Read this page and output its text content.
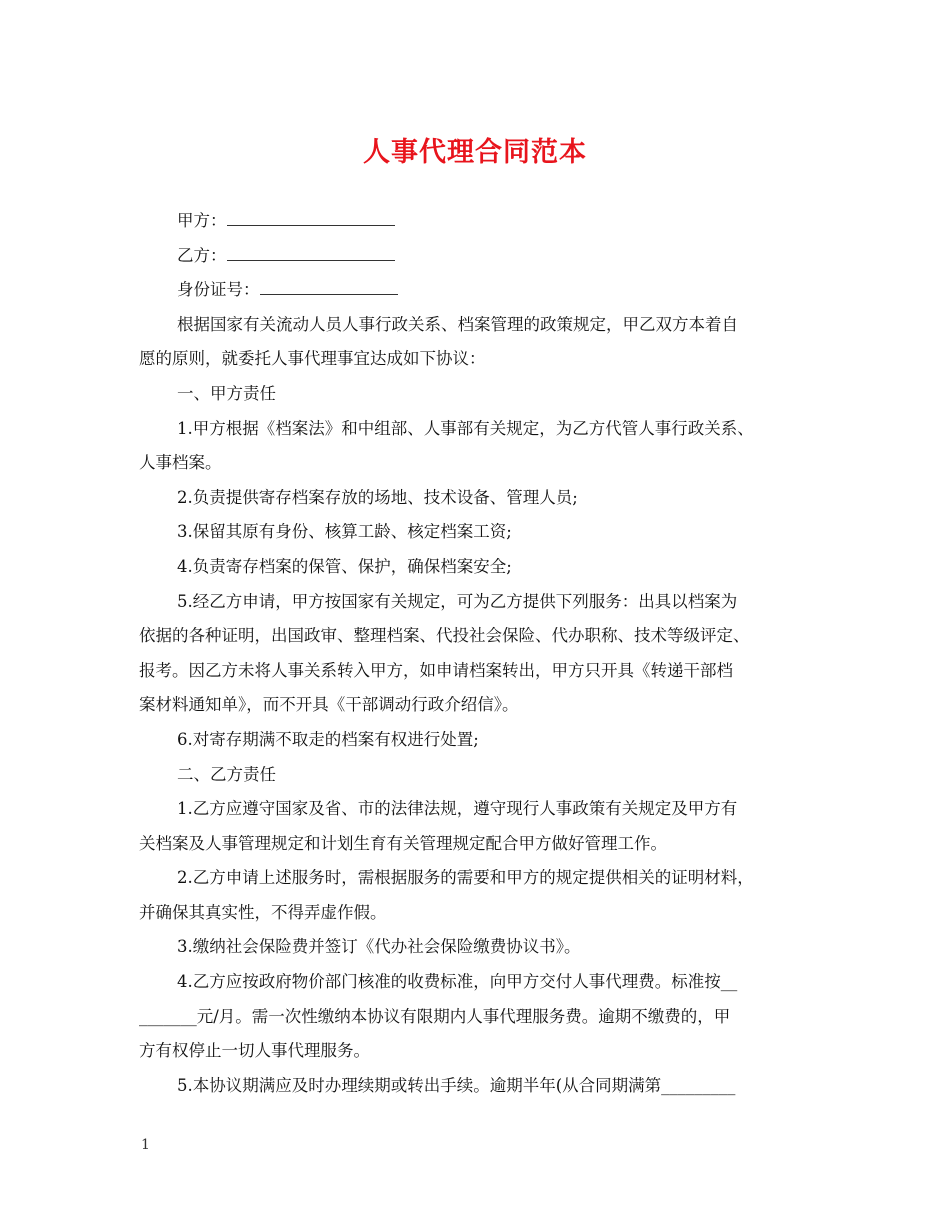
人事代理合同范本
甲方：
乙方：
身份证号：
根据国家有关流动人员人事行政关系、档案管理的政策规定，甲乙双方本着自
愿的原则，就委托人事代理事宜达成如下协议：
一、甲方责任
1.甲方根据《档案法》和中组部、人事部有关规定，为乙方代管人事行政关系、
人事档案。
2.负责提供寄存档案存放的场地、技术设备、管理人员;
3.保留其原有身份、核算工龄、核定档案工资;
4.负责寄存档案的保管、保护，确保档案安全;
5.经乙方申请，甲方按国家有关规定，可为乙方提供下列服务：出具以档案为
依据的各种证明，出国政审、整理档案、代投社会保险、代办职称、技术等级评定、
报考。因乙方未将人事关系转入甲方，如申请档案转出，甲方只开具《转递干部档
案材料通知单》，而不开具《干部调动行政介绍信》。
6.对寄存期满不取走的档案有权进行处置;
二、乙方责任
1.乙方应遵守国家及省、市的法律法规，遵守现行人事政策有关规定及甲方有
关档案及人事管理规定和计划生育有关管理规定配合甲方做好管理工作。
2.乙方申请上述服务时，需根据服务的需要和甲方的规定提供相关的证明材料，
并确保其真实性，不得弄虚作假。
3.缴纳社会保险费并签订《代办社会保险缴费协议书》。
4.乙方应按政府物价部门核准的收费标准，向甲方交付人事代理费。标准按__
_______元/月。需一次性缴纳本协议有限期内人事代理服务费。逾期不缴费的，甲
方有权停止一切人事代理服务。
5.本协议期满应及时办理续期或转出手续。逾期半年(从合同期满第_________
1
